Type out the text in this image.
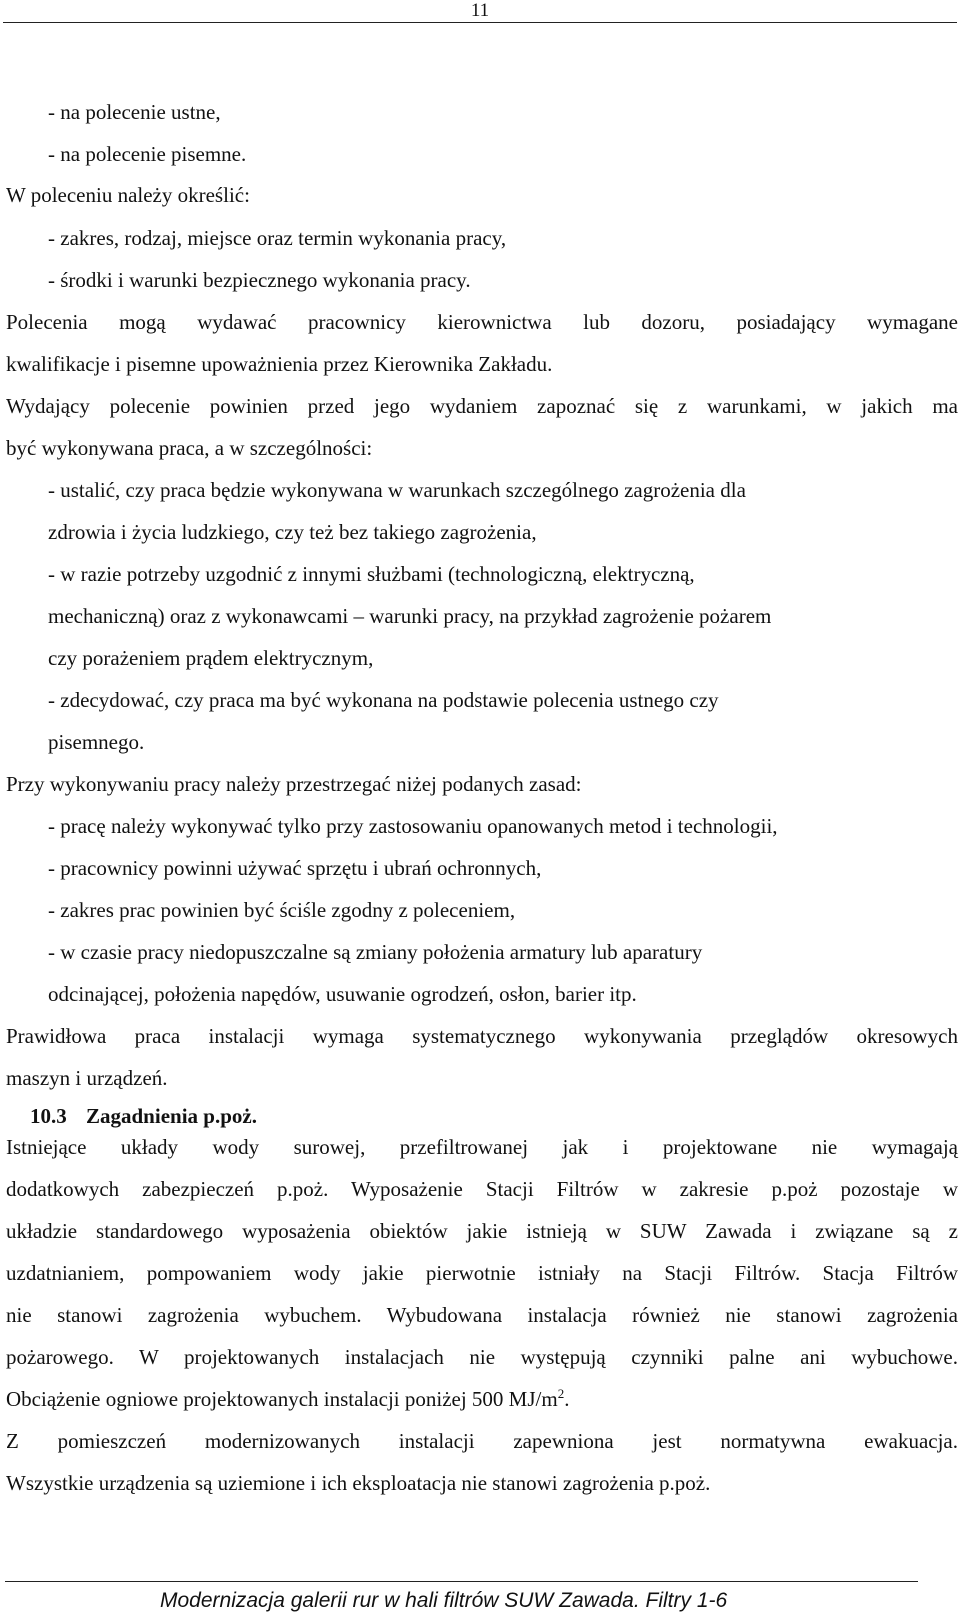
11
- na polecenie ustne,
- na polecenie pisemne.
W poleceniu należy określić:
- zakres, rodzaj, miejsce oraz termin wykonania pracy,
- środki i warunki bezpiecznego wykonania pracy.
Polecenia mogą wydawać pracownicy kierownictwa lub dozoru, posiadający wymagane
kwalifikacje i pisemne upoważnienia przez Kierownika Zakładu.
Wydający polecenie powinien przed jego wydaniem zapoznać się z warunkami, w jakich ma
być wykonywana praca, a w szczególności:
- ustalić, czy praca będzie wykonywana w warunkach szczególnego zagrożenia dla
zdrowia i życia ludzkiego, czy też bez takiego zagrożenia,
- w razie potrzeby uzgodnić z innymi służbami (technologiczną, elektryczną,
mechaniczną) oraz z wykonawcami – warunki pracy, na przykład zagrożenie pożarem
czy porażeniem prądem elektrycznym,
- zdecydować, czy praca ma być wykonana na podstawie polecenia ustnego czy
pisemnego.
Przy wykonywaniu pracy należy przestrzegać niżej podanych zasad:
- pracę należy wykonywać tylko przy zastosowaniu opanowanych metod i technologii,
- pracownicy powinni używać sprzętu i ubrań ochronnych,
- zakres prac powinien być ściśle zgodny z poleceniem,
- w czasie pracy niedopuszczalne są zmiany położenia armatury lub aparatury
odcinającej, położenia napędów, usuwanie ogrodzeń, osłon, barier itp.
Prawidłowa praca instalacji wymaga systematycznego wykonywania przeglądów okresowych
maszyn i urządzeń.
10.3 Zagadnienia p.poż.
Istniejące układy wody surowej, przefiltrowanej jak i projektowane nie wymagają
dodatkowych zabezpieczeń p.poż. Wyposażenie Stacji Filtrów w zakresie p.poż pozostaje w
układzie standardowego wyposażenia obiektów jakie istnieją w SUW Zawada i związane są z
uzdatnianiem, pompowaniem wody jakie pierwotnie istniały na Stacji Filtrów. Stacja Filtrów
nie stanowi zagrożenia wybuchem. Wybudowana instalacja również nie stanowi zagrożenia
pożarowego. W projektowanych instalacjach nie występują czynniki palne ani wybuchowe.
Obciążenie ogniowe projektowanych instalacji poniżej 500 $MJ/m^2$.
Z pomieszczeń modernizowanych instalacji zapewniona jest normatywna ewakuacja.
Wszystkie urządzenia są uziemione i ich eksploatacja nie stanowi zagrożenia p.poż.
Modernizacja galerii rur w hali filtrów SUW Zawada. Filtry 1-6
